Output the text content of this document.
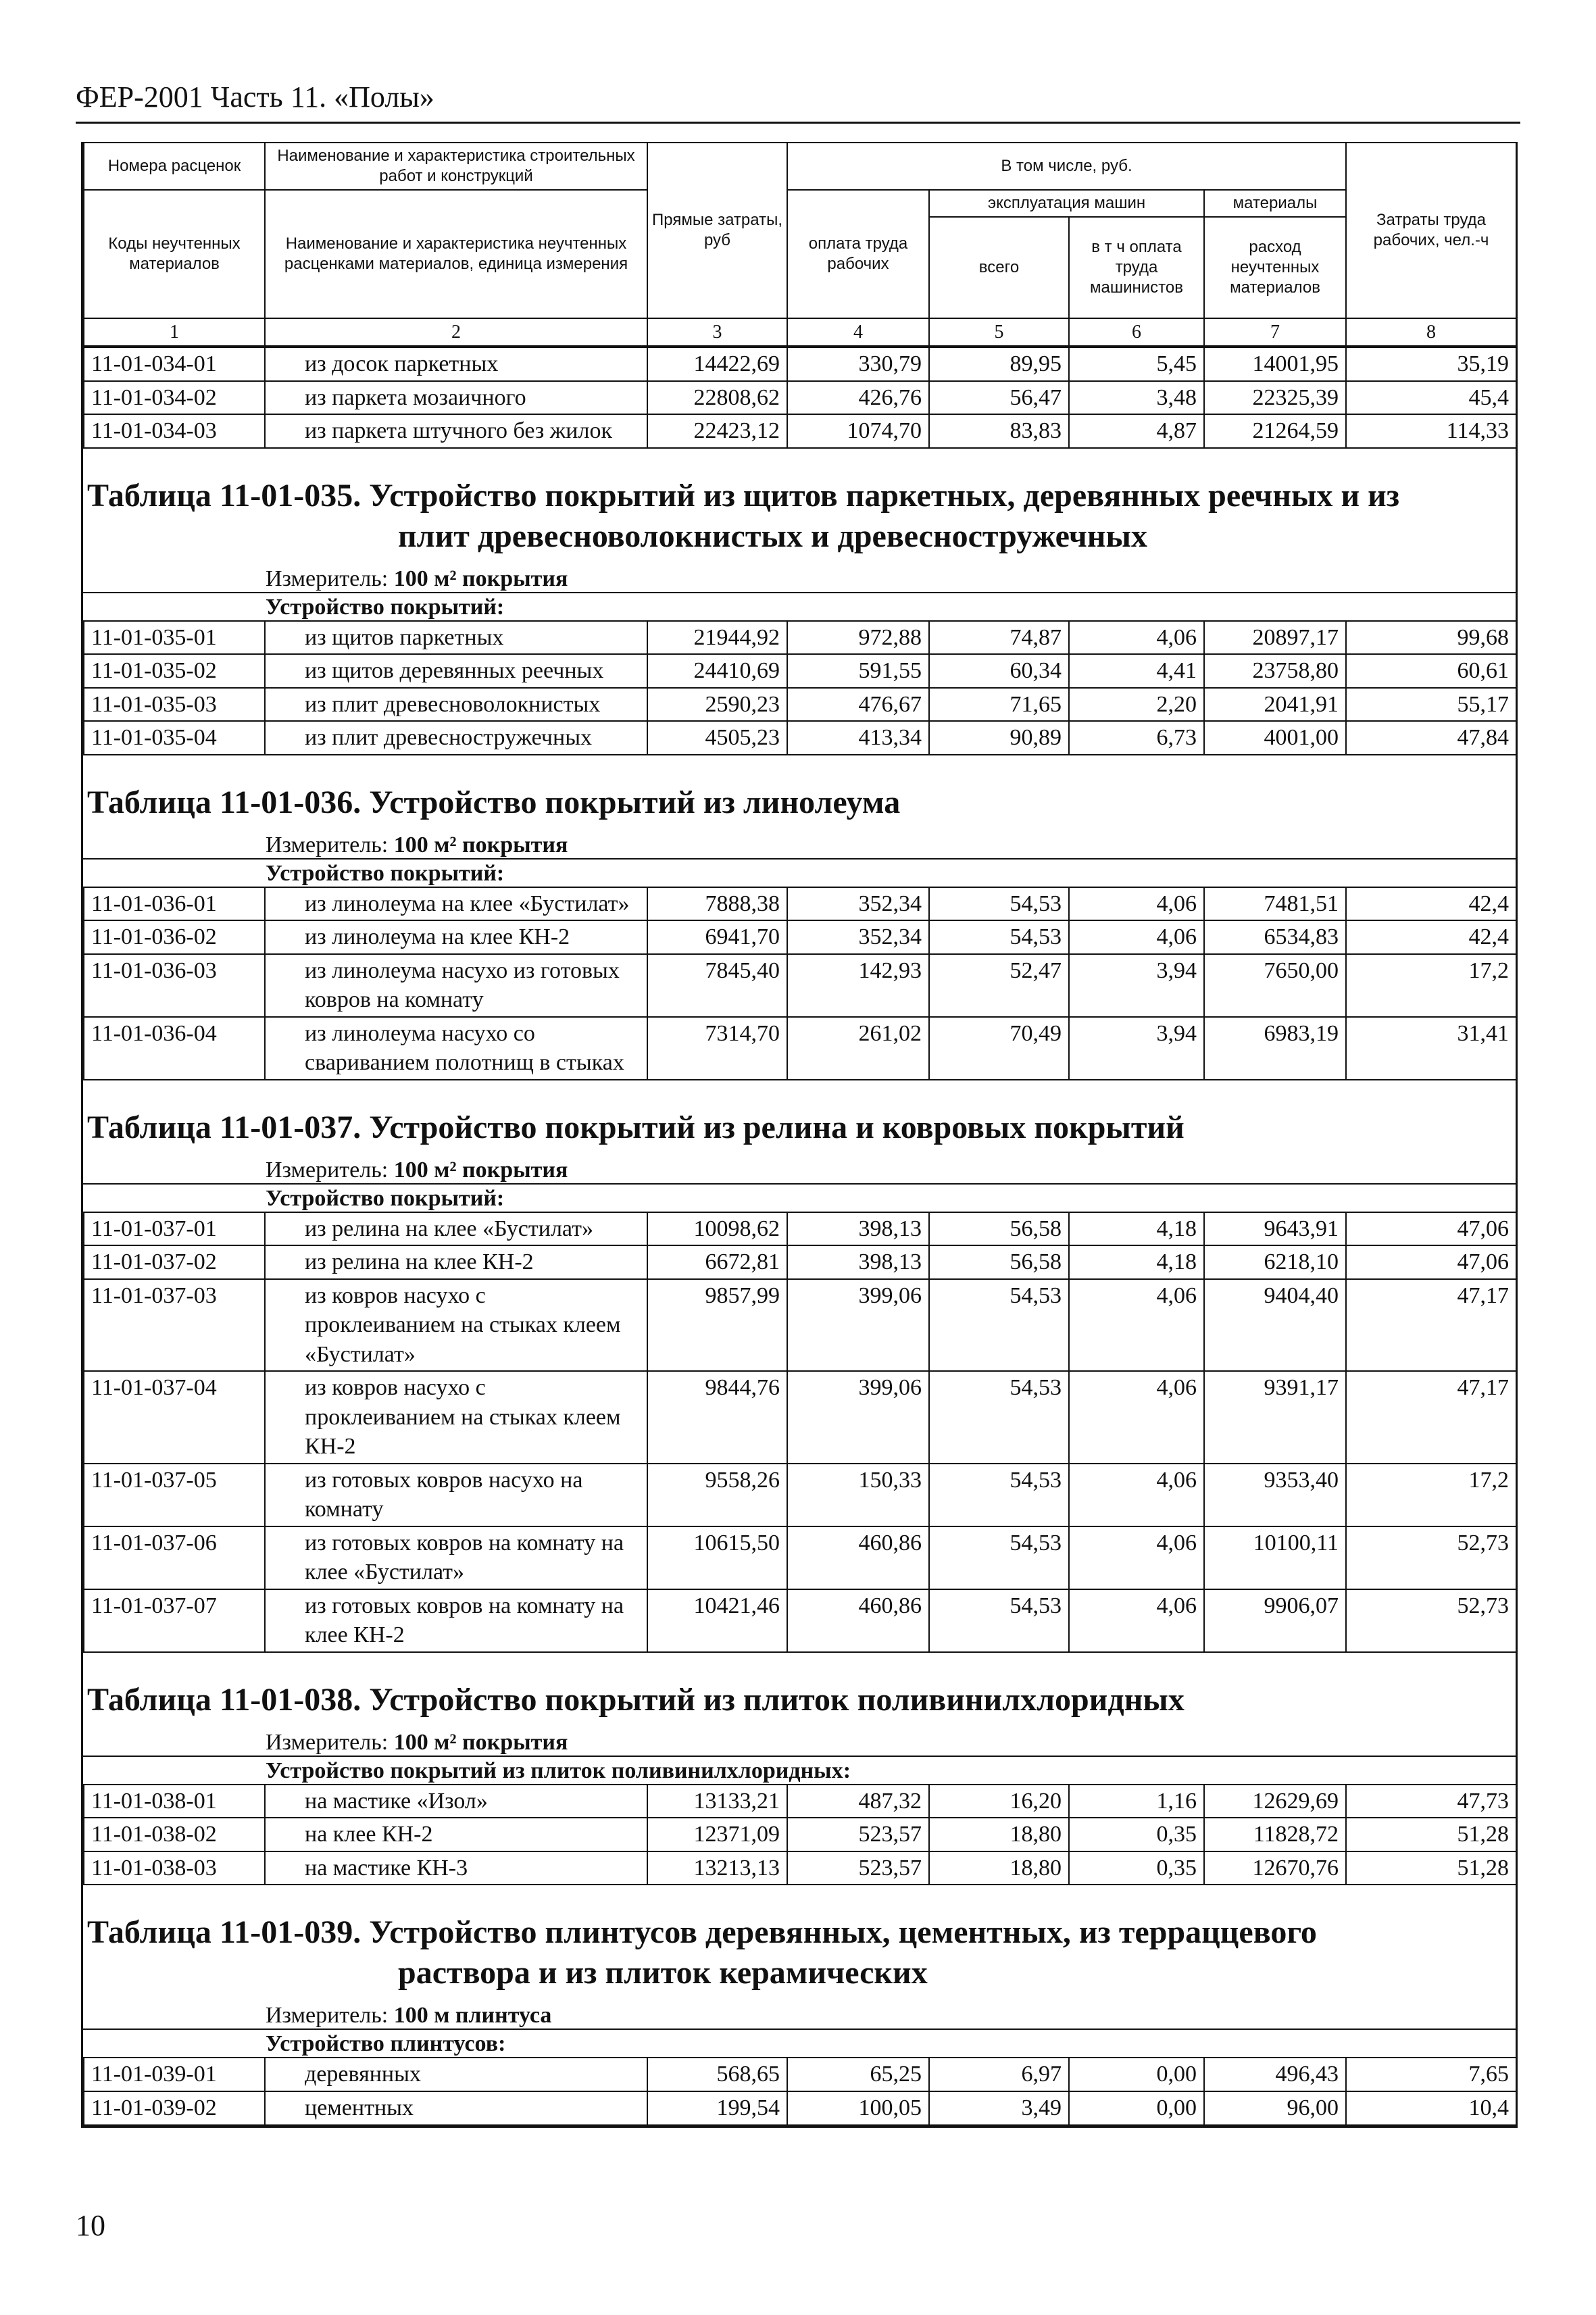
ФЕР-2001 Часть 11. «Полы»
Номера расценок	Наименование и характеристика строительных работ и конструкций	Прямые затраты, руб	В том числе, руб.				Затраты труда рабочих, чел.-ч
Коды неучтенных материалов	Наименование и характеристика неучтенных расценками материалов, единица измерения		оплата труда рабочих	эксплуатация машин		материалы	
				всего	в т ч оплата труда машинистов	расход неучтенных материалов	
1	2	3	4	5	6	7	8
11-01-034-01	из досок паркетных	14422,69	330,79	89,95	5,45	14001,95	35,19
11-01-034-02	из паркета мозаичного	22808,62	426,76	56,47	3,48	22325,39	45,4
11-01-034-03	из паркета штучного без жилок	22423,12	1074,70	83,83	4,87	21264,59	114,33
Таблица 11-01-035. Устройство покрытий из щитов паркетных, деревянных реечных и из
плит древесноволокнистых и древесностружечных
Измеритель: 100 м² покрытия
Устройство покрытий:
11-01-035-01	из щитов паркетных	21944,92	972,88	74,87	4,06	20897,17	99,68
11-01-035-02	из щитов деревянных реечных	24410,69	591,55	60,34	4,41	23758,80	60,61
11-01-035-03	из плит древесноволокнистых	2590,23	476,67	71,65	2,20	2041,91	55,17
11-01-035-04	из плит древесностружечных	4505,23	413,34	90,89	6,73	4001,00	47,84
Таблица 11-01-036. Устройство покрытий из линолеума
Измеритель: 100 м² покрытия
Устройство покрытий:
11-01-036-01	из линолеума на клее «Бустилат»	7888,38	352,34	54,53	4,06	7481,51	42,4
11-01-036-02	из линолеума на клее КН-2	6941,70	352,34	54,53	4,06	6534,83	42,4
11-01-036-03	из линолеума насухо из готовых ковров на комнату	7845,40	142,93	52,47	3,94	7650,00	17,2
11-01-036-04	из линолеума насухо со свариванием полотнищ в стыках	7314,70	261,02	70,49	3,94	6983,19	31,41
Таблица 11-01-037. Устройство покрытий из релина и ковровых покрытий
Измеритель: 100 м² покрытия
Устройство покрытий:
11-01-037-01	из релина на клее «Бустилат»	10098,62	398,13	56,58	4,18	9643,91	47,06
11-01-037-02	из релина на клее КН-2	6672,81	398,13	56,58	4,18	6218,10	47,06
11-01-037-03	из ковров насухо с проклеиванием на стыках клеем «Бустилат»	9857,99	399,06	54,53	4,06	9404,40	47,17
11-01-037-04	из ковров насухо с проклеиванием на стыках клеем КН-2	9844,76	399,06	54,53	4,06	9391,17	47,17
11-01-037-05	из готовых ковров насухо на комнату	9558,26	150,33	54,53	4,06	9353,40	17,2
11-01-037-06	из готовых ковров на комнату на клее «Бустилат»	10615,50	460,86	54,53	4,06	10100,11	52,73
11-01-037-07	из готовых ковров на комнату на клее КН-2	10421,46	460,86	54,53	4,06	9906,07	52,73
Таблица 11-01-038. Устройство покрытий из плиток поливинилхлоридных
Измеритель: 100 м² покрытия
Устройство покрытий из плиток поливинилхлоридных:
11-01-038-01	на мастике «Изол»	13133,21	487,32	16,20	1,16	12629,69	47,73
11-01-038-02	на клее КН-2	12371,09	523,57	18,80	0,35	11828,72	51,28
11-01-038-03	на мастике КН-3	13213,13	523,57	18,80	0,35	12670,76	51,28
Таблица 11-01-039. Устройство плинтусов деревянных, цементных, из терраццевого
раствора и из плиток керамических
Измеритель: 100 м плинтуса
Устройство плинтусов:
11-01-039-01	деревянных	568,65	65,25	6,97	0,00	496,43	7,65
11-01-039-02	цементных	199,54	100,05	3,49	0,00	96,00	10,4
10
